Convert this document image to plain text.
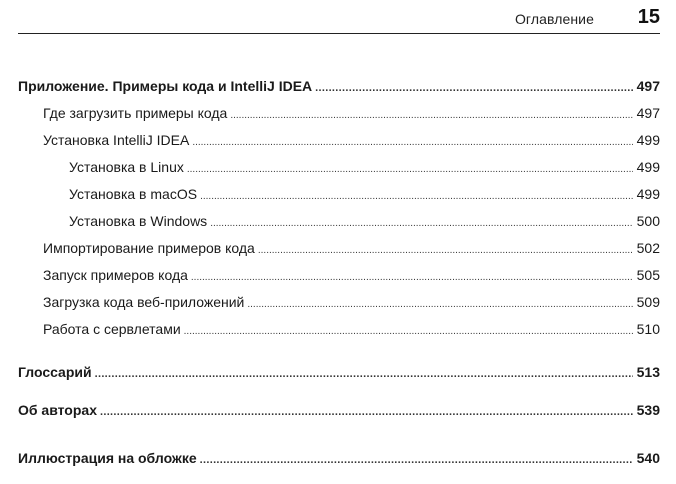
Оглавление 15
Приложение. Примеры кода и IntelliJ IDEA .....	497
Где загрузить примеры кода .....	497
Установка IntelliJ IDEA .....	499
Установка в Linux .....	499
Установка в macOS .....	499
Установка в Windows .....	500
Импортирование примеров кода .....	502
Запуск примеров кода .....	505
Загрузка кода веб-приложений .....	509
Работа с сервлетами .....	510
Глоссарий .....	513
Об авторах .....	539
Иллюстрация на обложке .....	540
